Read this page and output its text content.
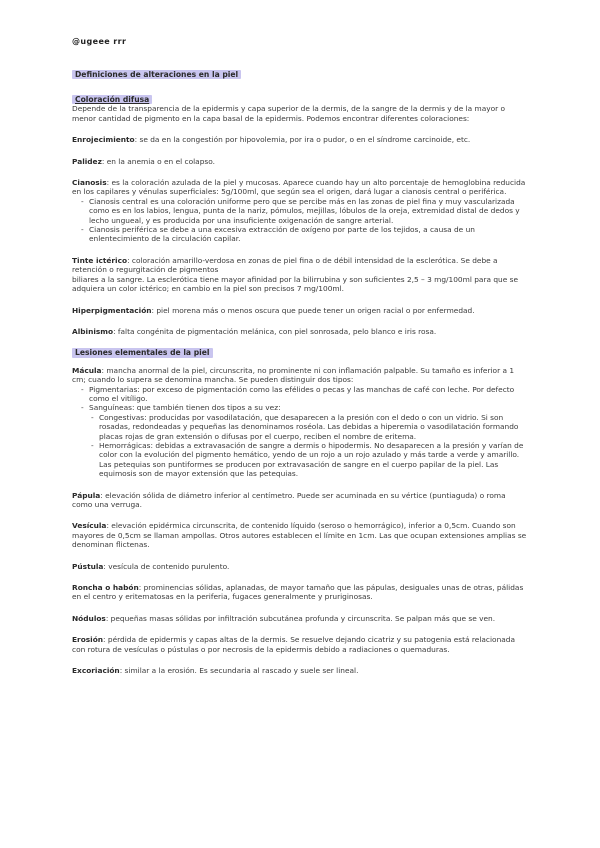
@ugeee rrr
Definiciones de alteraciones en la piel
Coloración difusa

Depende de la transparencia de la epidermis y capa superior de la dermis, de la sangre de la dermis y de la mayor o menor cantidad de pigmento en la capa basal de la epidermis. Podemos encontrar diferentes coloraciones:

Enrojecimiento: se da en la congestión por hipovolemia, por ira o pudor, o en el síndrome carcinoide, etc.

Palidez: en la anemia o en el colapso.

Cianosis: es la coloración azulada de la piel y mucosas. Aparece cuando hay un alto porcentaje de hemoglobina reducida en los capilares y vénulas superficiales: 5g/100ml, que según sea el origen, dará lugar a cianosis central o periférica.

- Cianosis central es una coloración uniforme pero que se percibe más en las zonas de piel fina y muy vascularizada como es en los labios, lengua, punta de la nariz, pómulos, mejillas, lóbulos de la oreja, extremidad distal de dedos y lecho ungueal, y es producida por una insuficiente oxigenación de sangre arterial.
- Cianosis periférica se debe a una excesiva extracción de oxígeno por parte de los tejidos, a causa de un enlentecimiento de la circulación capilar.

Tinte ictérico: coloración amarillo-verdosa en zonas de piel fina o de débil intensidad de la esclerótica. Se debe a retención o regurgitación de pigmentos

biliares a la sangre. La esclerótica tiene mayor afinidad por la bilirrubina y son suficientes 2,5 – 3 mg/100ml para que se adquiera un color ictérico; en cambio en la piel son precisos 7 mg/100ml.

Hiperpigmentación: piel morena más o menos oscura que puede tener un origen racial o por enfermedad.

Albinismo: falta congénita de pigmentación melánica, con piel sonrosada, pelo blanco e iris rosa.

Lesiones elementales de la piel

Mácula: mancha anormal de la piel, circunscrita, no prominente ni con inflamación palpable. Su tamaño es inferior a 1 cm; cuando lo supera se denomina mancha. Se pueden distinguir dos tipos:

- Pigmentarias: por exceso de pigmentación como las efélides o pecas y las manchas de café con leche. Por defecto como el vitíligo.
- Sanguíneas: que también tienen dos tipos a su vez:
- Congestivas: producidas por vasodilatación, que desaparecen a la presión con el dedo o con un vidrio. Si son rosadas, redondeadas y pequeñas las denominamos roséola. Las debidas a hiperemia o vasodilatación formando placas rojas de gran extensión o difusas por el cuerpo, reciben el nombre de eritema.
- Hemorrágicas: debidas a extravasación de sangre a dermis o hipodermis. No desaparecen a la presión y varían de color con la evolución del pigmento hemático, yendo de un rojo a un rojo azulado y más tarde a verde y amarillo. Las petequias son puntiformes se producen por extravasación de sangre en el cuerpo papilar de la piel. Las equimosis son de mayor extensión que las petequias.

Pápula: elevación sólida de diámetro inferior al centímetro. Puede ser acuminada en su vértice (puntiaguda) o roma como una verruga.

Vesícula: elevación epidérmica circunscrita, de contenido líquido (seroso o hemorrágico), inferior a 0,5cm. Cuando son mayores de 0,5cm se llaman ampollas. Otros autores establecen el límite en 1cm. Las que ocupan extensiones amplias se denominan flictenas.

Pústula: vesícula de contenido purulento.

Roncha o habón: prominencias sólidas, aplanadas, de mayor tamaño que las pápulas, desiguales unas de otras, pálidas en el centro y eritematosas en la periferia, fugaces generalmente y pruriginosas.

Nódulos: pequeñas masas sólidas por infiltración subcutánea profunda y circunscrita. Se palpan más que se ven.

Erosión: pérdida de epidermis y capas altas de la dermis. Se resuelve dejando cicatriz y su patogenia está relacionada con rotura de vesículas o pústulas o por necrosis de la epidermis debido a radiaciones o quemaduras.

Excoriación: similar a la erosión. Es secundaria al rascado y suele ser lineal.
